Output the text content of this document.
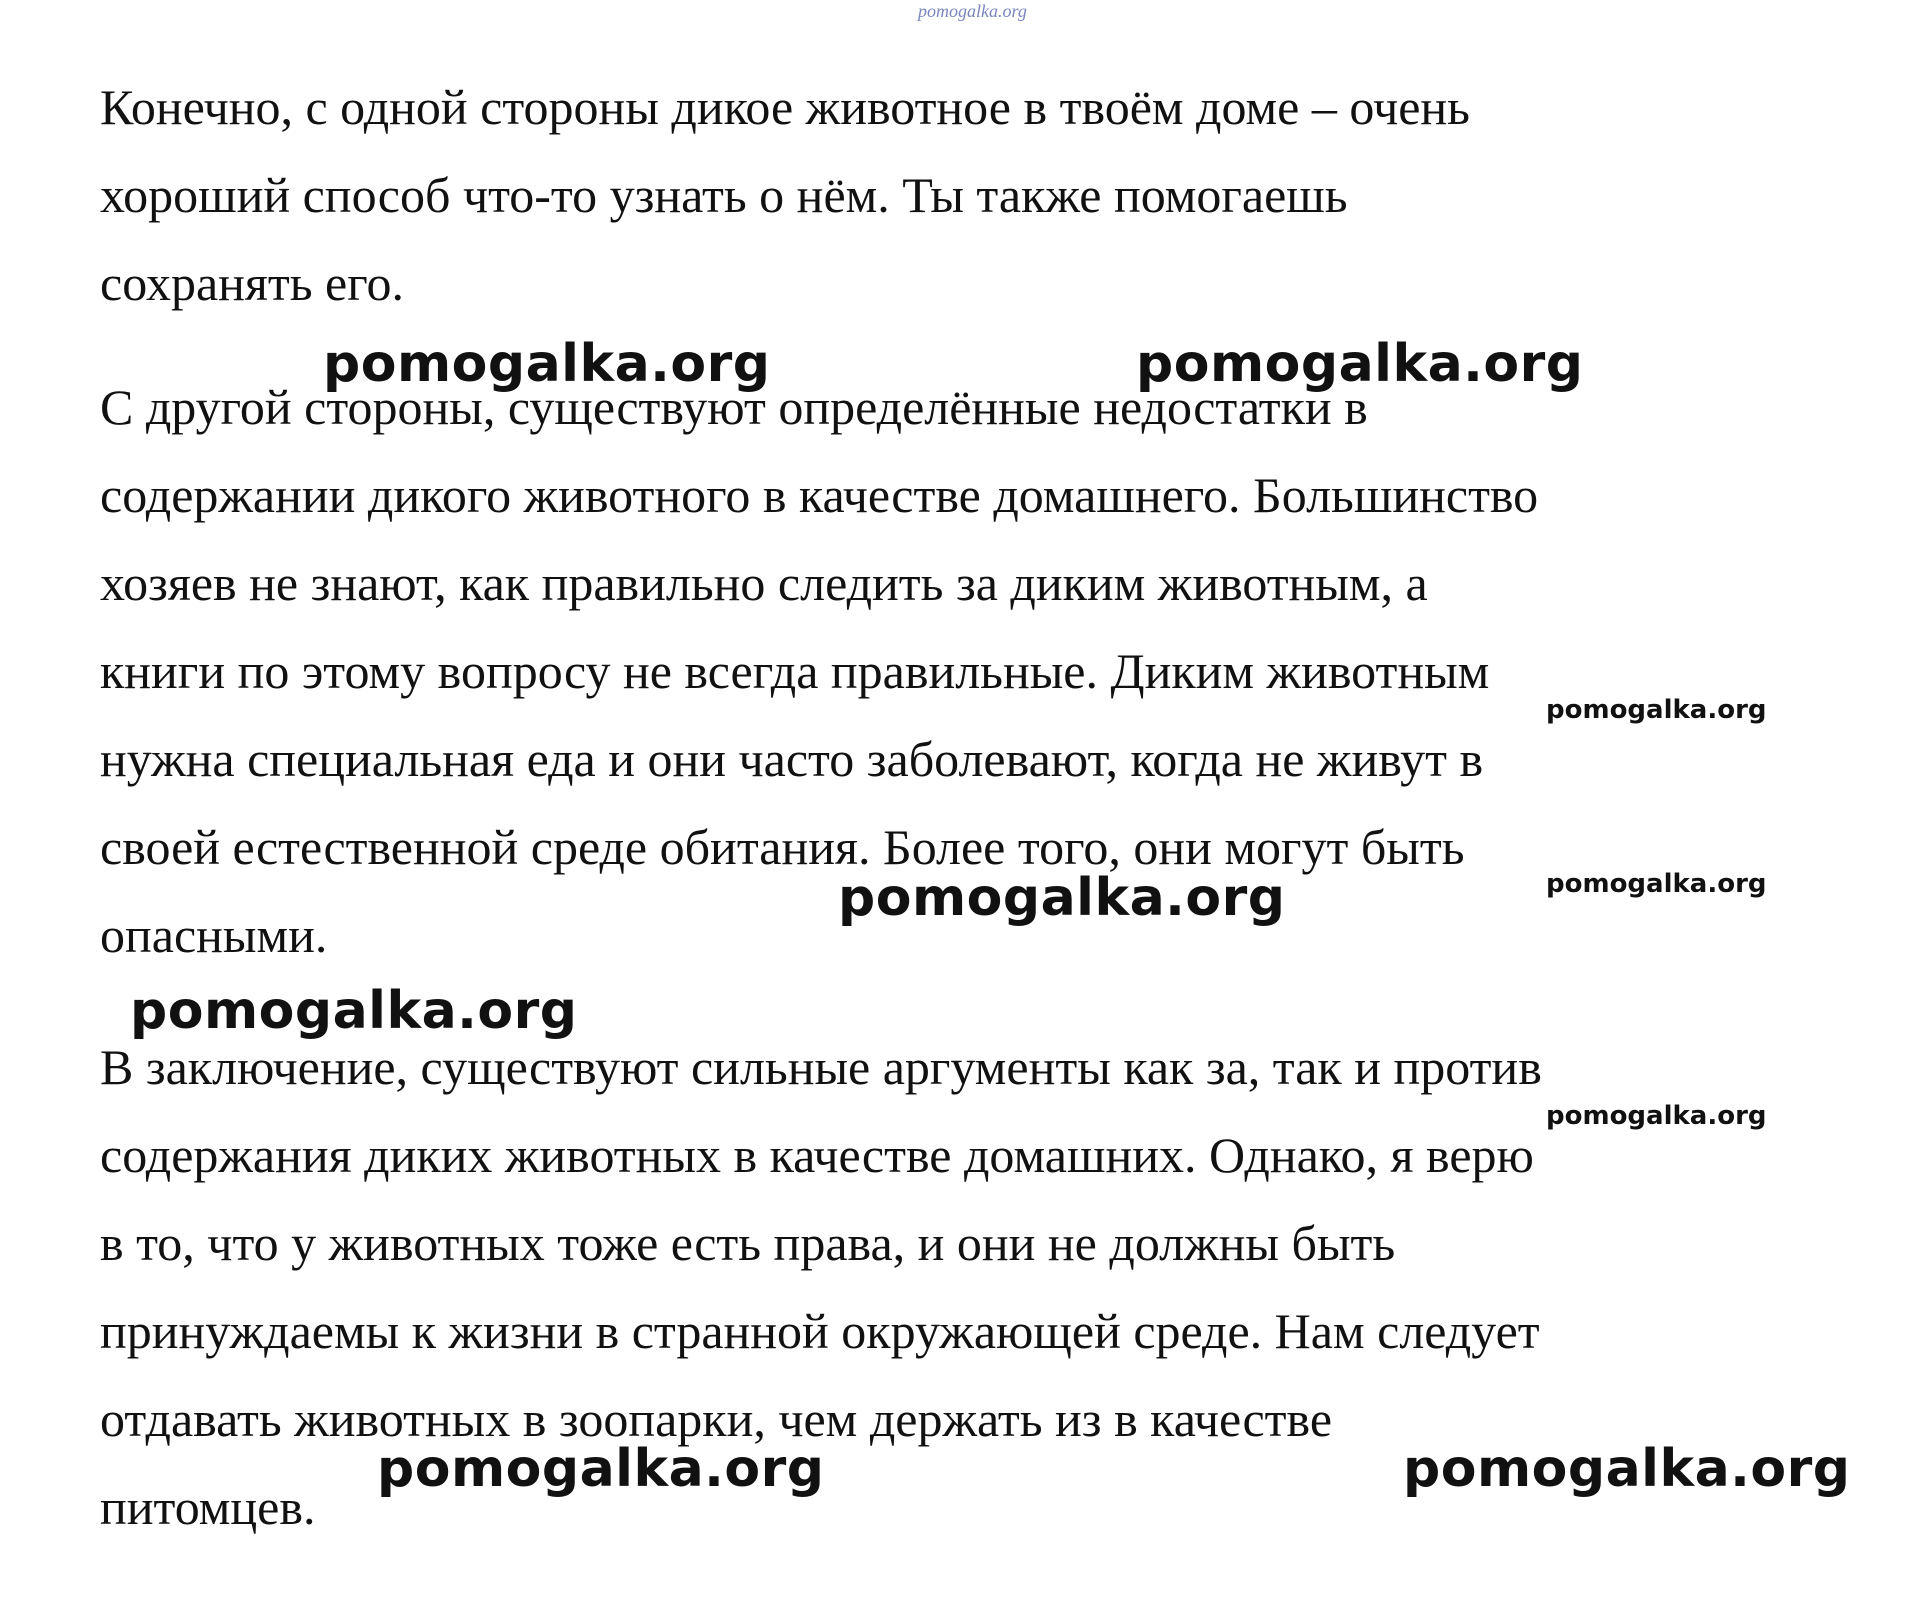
pomogalka.org
Конечно, с одной стороны дикое животное в твоём доме – очень
хороший способ что-то узнать о нём. Ты также помогаешь
сохранять его.
С другой стороны, существуют определённые недостатки в
содержании дикого животного в качестве домашнего. Большинство
хозяев не знают, как правильно следить за диким животным, а
книги по этому вопросу не всегда правильные. Диким животным
нужна специальная еда и они часто заболевают, когда не живут в
своей естественной среде обитания. Более того, они могут быть
опасными.
В заключение, существуют сильные аргументы как за, так и против
содержания диких животных в качестве домашних. Однако, я верю
в то, что у животных тоже есть права, и они не должны быть
принуждаемы к жизни в странной окружающей среде. Нам следует
отдавать животных в зоопарки, чем держать из в качестве
питомцев.
pomogalka.org	pomogalka.org
pomogalka.org
pomogalka.org
pomogalka.org
pomogalka.org
pomogalka.org
pomogalka.org	pomogalka.org
